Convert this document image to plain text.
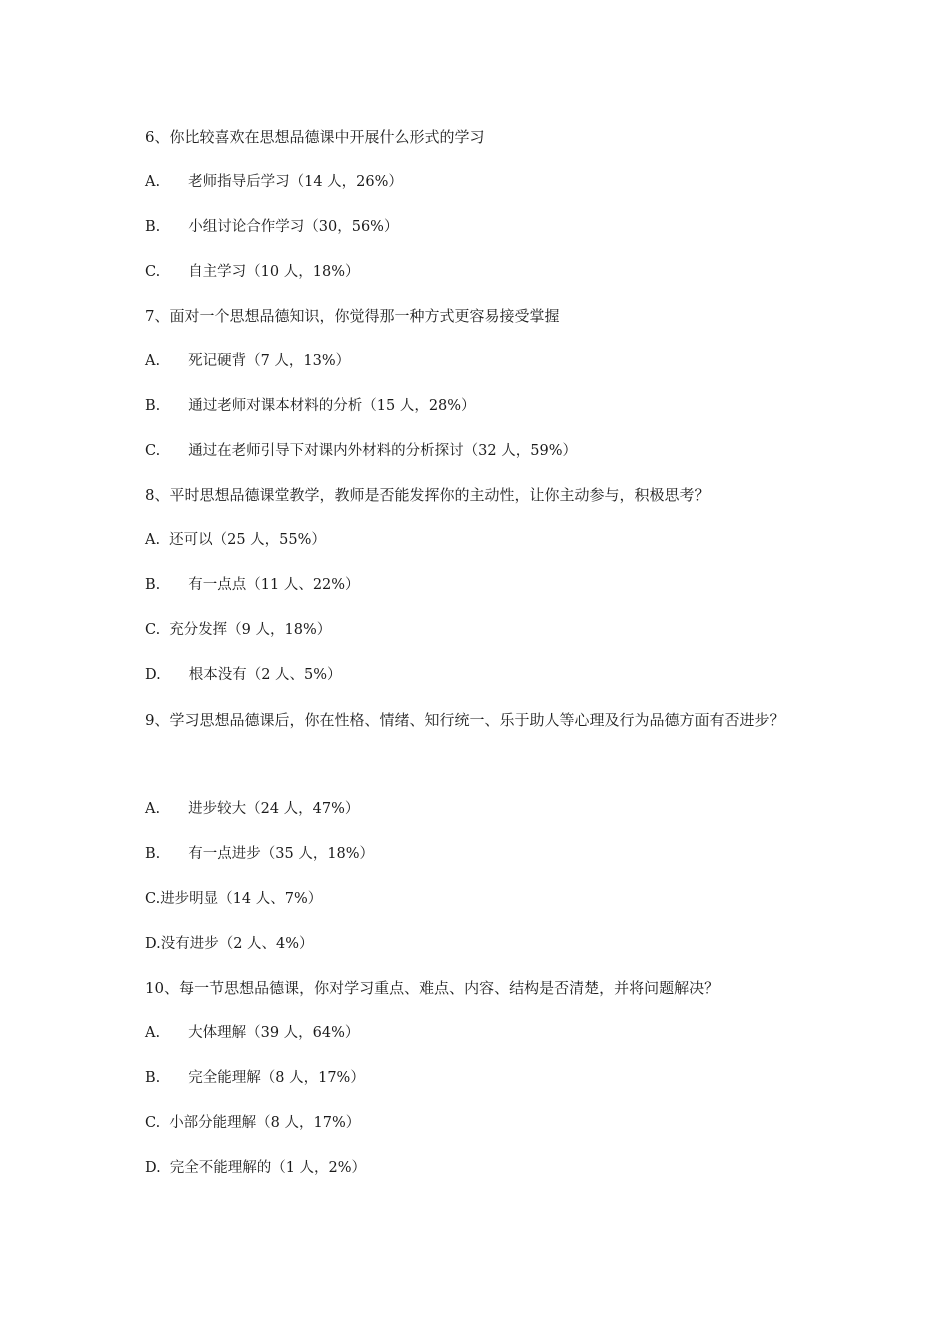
6、你比较喜欢在思想品德课中开展什么形式的学习
A. 老师指导后学习（14 人，26%）
B. 小组讨论合作学习（30，56%）
C. 自主学习（10 人，18%）
7、面对一个思想品德知识，你觉得那一种方式更容易接受掌握
A. 死记硬背（7 人，13%）
B. 通过老师对课本材料的分析（15 人，28%）
C. 通过在老师引导下对课内外材料的分析探讨（32 人，59%）
8、平时思想品德课堂教学，教师是否能发挥你的主动性，让你主动参与，积极思考？
A. 还可以（25 人，55%）
B. 有一点点（11 人、22%）
C. 充分发挥（9 人，18%）
D. 根本没有（2 人、5%）
9、学习思想品德课后，你在性格、情绪、知行统一、乐于助人等心理及行为品德方面有否进步？
A. 进步较大（24 人，47%）
B. 有一点进步（35 人，18%）
C.进步明显（14 人、7%）
D.没有进步（2 人、4%）
10、每一节思想品德课，你对学习重点、难点、内容、结构是否清楚，并将问题解决？
A. 大体理解（39 人，64%）
B. 完全能理解（8 人，17%）
C. 小部分能理解（8 人，17%）
D. 完全不能理解的（1 人，2%）
